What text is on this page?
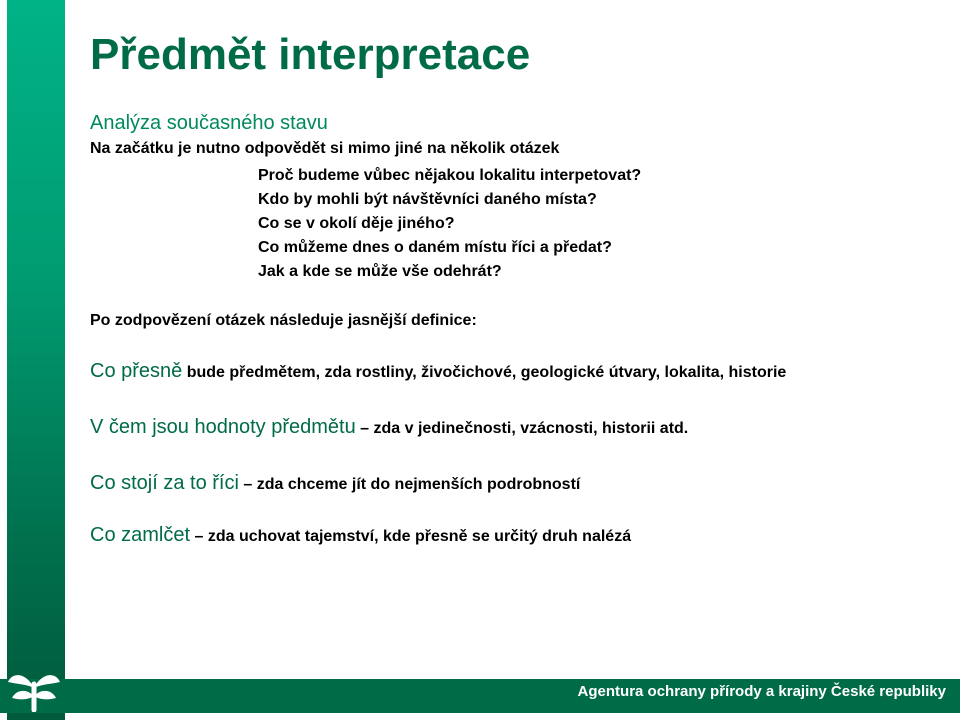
Agentura ochrany přírody a krajiny České republiky
Předmět interpretace
Analýza současného stavu
Na začátku je nutno odpovědět si mimo jiné na několik otázek
Proč budeme vůbec nějakou lokalitu interpetovat?
Kdo by mohli být návštěvníci daného místa?
Co se v okolí děje jiného?
Co můžeme dnes o daném místu říci a předat?
Jak a kde se může vše odehrát?
Po zodpovězení otázek následuje jasnější definice:
Co přesně bude předmětem, zda rostliny, živočichové, geologické útvary, lokalita, historie
V čem jsou hodnoty předmětu – zda v jedinečnosti, vzácnosti, historii atd.
Co stojí za to říci – zda chceme jít do nejmenších podrobností
Co zamlčet – zda uchovat tajemství, kde přesně se určitý druh nalézá
